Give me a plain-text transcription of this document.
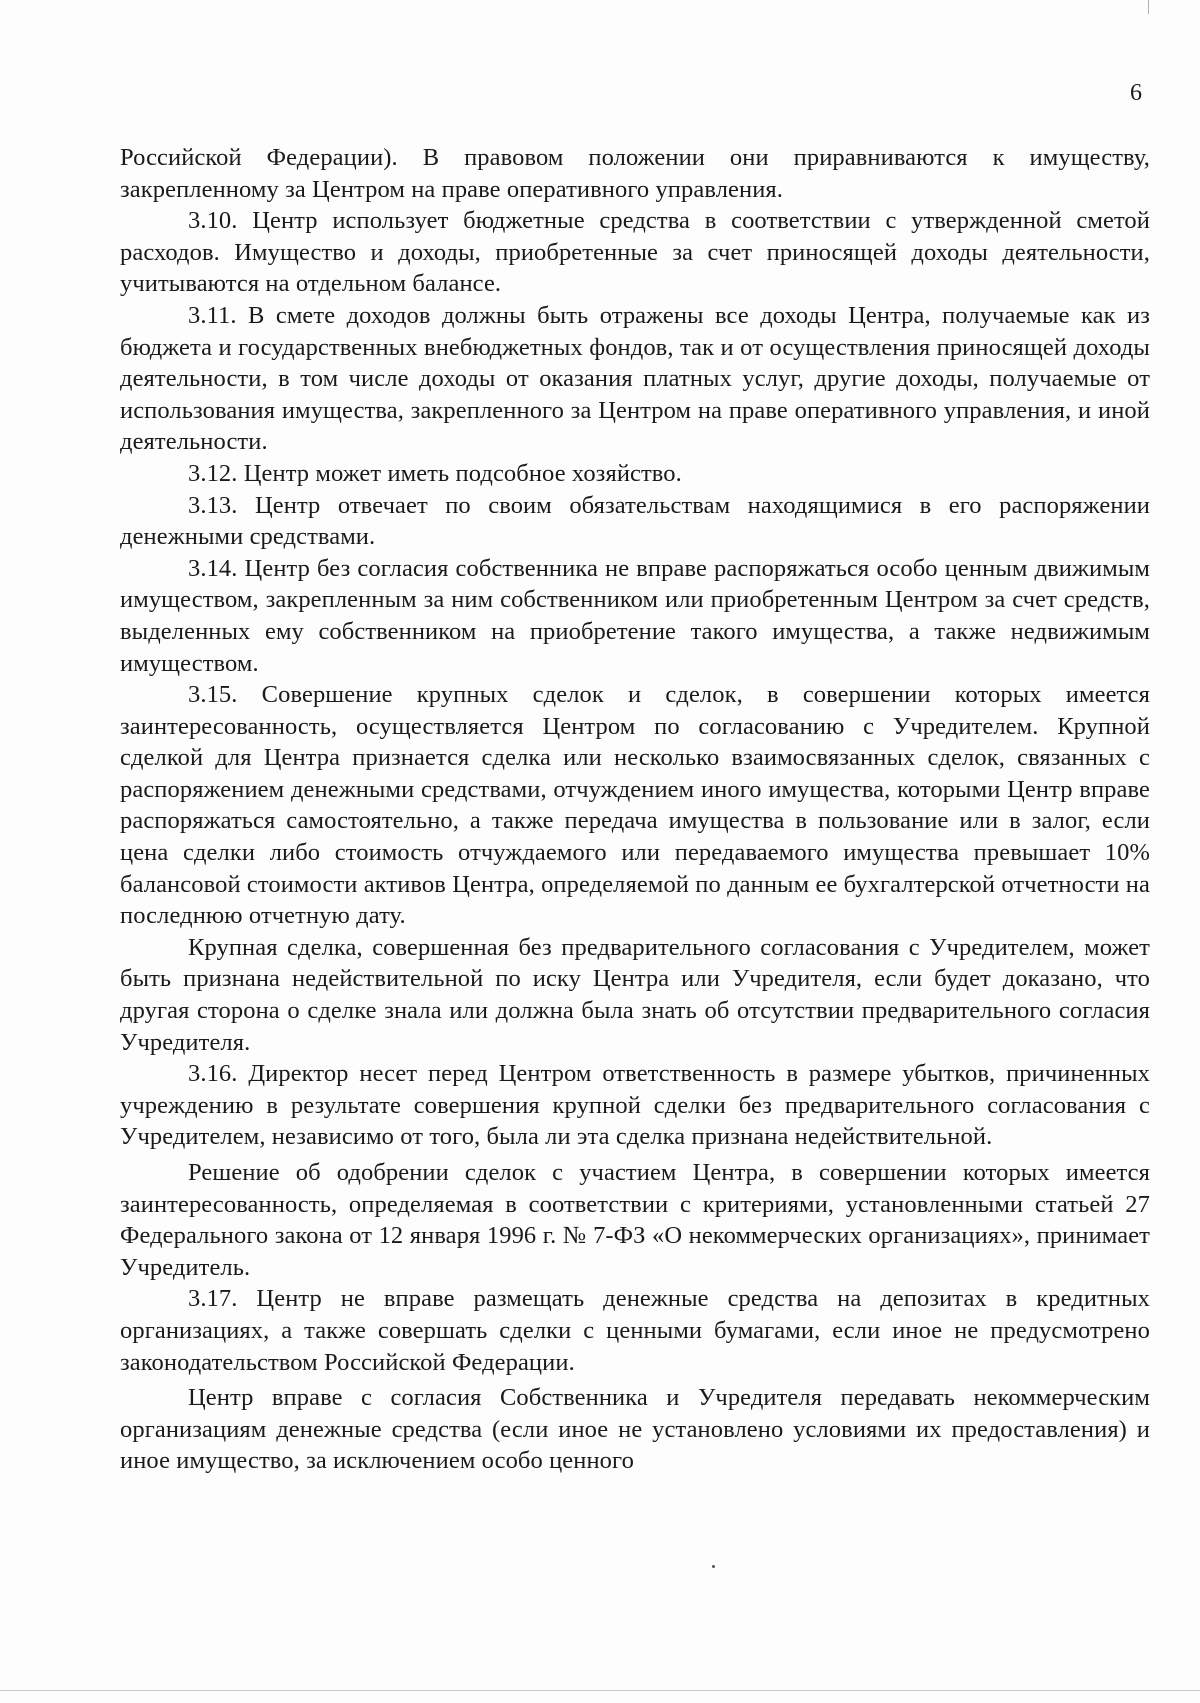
6

Российской Федерации). В правовом положении они приравниваются к имуществу, закрепленному за Центром на праве оперативного управления.

3.10. Центр использует бюджетные средства в соответствии с утвержденной сметой расходов. Имущество и доходы, приобретенные за счет приносящей доходы деятельности, учитываются на отдельном балансе.

3.11. В смете доходов должны быть отражены все доходы Центра, получаемые как из бюджета и государственных внебюджетных фондов, так и от осуществления приносящей доходы деятельности, в том числе доходы от оказания платных услуг, другие доходы, получаемые от использования имущества, закрепленного за Центром на праве оперативного управления, и иной деятельности.

3.12. Центр может иметь подсобное хозяйство.

3.13. Центр отвечает по своим обязательствам находящимися в его распоряжении денежными средствами.

3.14. Центр без согласия собственника не вправе распоряжаться особо ценным движимым имуществом, закрепленным за ним собственником или приобретенным Центром за счет средств, выделенных ему собственником на приобретение такого имущества, а также недвижимым имуществом.

3.15. Совершение крупных сделок и сделок, в совершении которых имеется заинтересованность, осуществляется Центром по согласованию с Учредителем. Крупной сделкой для Центра признается сделка или несколько взаимосвязанных сделок, связанных с распоряжением денежными средствами, отчуждением иного имущества, которыми Центр вправе распоряжаться самостоятельно, а также передача имущества в пользование или в залог, если цена сделки либо стоимость отчуждаемого или передаваемого имущества превышает 10% балансовой стоимости активов Центра, определяемой по данным ее бухгалтерской отчетности на последнюю отчетную дату.

Крупная сделка, совершенная без предварительного согласования с Учредителем, может быть признана недействительной по иску Центра или Учредителя, если будет доказано, что другая сторона о сделке знала или должна была знать об отсутствии предварительного согласия Учредителя.

3.16. Директор несет перед Центром ответственность в размере убытков, причиненных учреждению в результате совершения крупной сделки без предварительного согласования с Учредителем, независимо от того, была ли эта сделка признана недействительной.

Решение об одобрении сделок с участием Центра, в совершении которых имеется заинтересованность, определяемая в соответствии с критериями, установленными статьей 27 Федерального закона от 12 января 1996 г. № 7-ФЗ «О некоммерческих организациях», принимает Учредитель.

3.17. Центр не вправе размещать денежные средства на депозитах в кредитных организациях, а также совершать сделки с ценными бумагами, если иное не предусмотрено законодательством Российской Федерации.

Центр вправе с согласия Собственника и Учредителя передавать некоммерческим организациям денежные средства (если иное не установлено условиями их предоставления) и иное имущество, за исключением особо ценного
